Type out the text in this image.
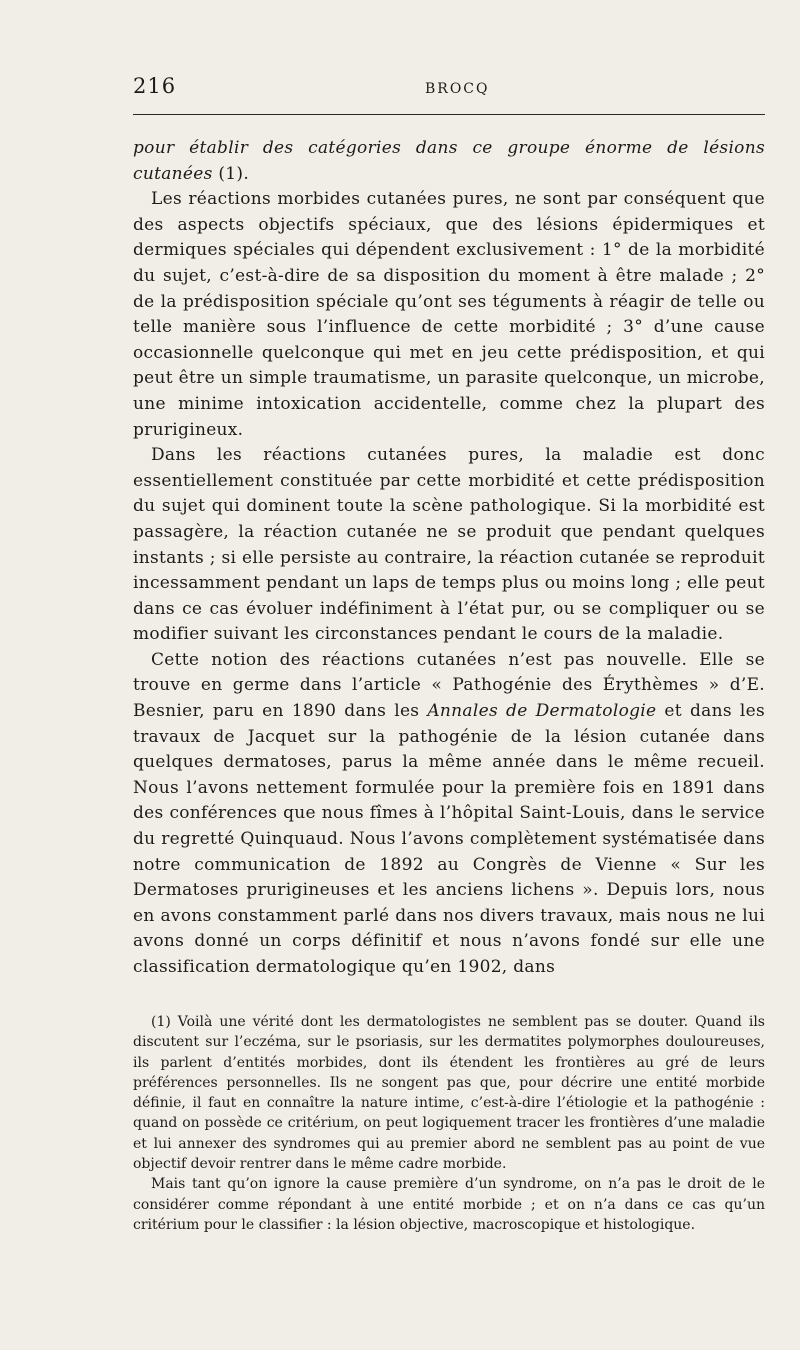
216	BROCQ

pour établir des catégories dans ce groupe énorme de lésions cutanées (1).

Les réactions morbides cutanées pures, ne sont par conséquent que des aspects objectifs spéciaux, que des lésions épidermiques et dermiques spéciales qui dépendent exclusivement : 1° de la morbidité du sujet, c’est-à-dire de sa disposition du moment à être malade ; 2° de la prédisposition spéciale qu’ont ses téguments à réagir de telle ou telle manière sous l’influence de cette morbidité ; 3° d’une cause occasionnelle quelconque qui met en jeu cette prédisposition, et qui peut être un simple traumatisme, un parasite quelconque, un microbe, une minime intoxication accidentelle, comme chez la plupart des prurigineux.

Dans les réactions cutanées pures, la maladie est donc essentiellement constituée par cette morbidité et cette prédisposition du sujet qui dominent toute la scène pathologique. Si la morbidité est passagère, la réaction cutanée ne se produit que pendant quelques instants ; si elle persiste au contraire, la réaction cutanée se reproduit incessamment pendant un laps de temps plus ou moins long ; elle peut dans ce cas évoluer indéfiniment à l’état pur, ou se compliquer ou se modifier suivant les circonstances pendant le cours de la maladie.

Cette notion des réactions cutanées n’est pas nouvelle. Elle se trouve en germe dans l’article « Pathogénie des Érythèmes » d’E. Besnier, paru en 1890 dans les Annales de Dermatologie et dans les travaux de Jacquet sur la pathogénie de la lésion cutanée dans quelques dermatoses, parus la même année dans le même recueil. Nous l’avons nettement formulée pour la première fois en 1891 dans des conférences que nous fîmes à l’hôpital Saint-Louis, dans le service du regretté Quinquaud. Nous l’avons complètement systématisée dans notre communication de 1892 au Congrès de Vienne « Sur les Dermatoses prurigineuses et les anciens lichens ». Depuis lors, nous en avons constamment parlé dans nos divers travaux, mais nous ne lui avons donné un corps définitif et nous n’avons fondé sur elle une classification dermatologique qu’en 1902, dans

(1) Voilà une vérité dont les dermatologistes ne semblent pas se douter. Quand ils discutent sur l’eczéma, sur le psoriasis, sur les dermatites polymorphes douloureuses, ils parlent d’entités morbides, dont ils étendent les frontières au gré de leurs préférences personnelles. Ils ne songent pas que, pour décrire une entité morbide définie, il faut en connaître la nature intime, c’est-à-dire l’étiologie et la pathogénie : quand on possède ce critérium, on peut logiquement tracer les frontières d’une maladie et lui annexer des syndromes qui au premier abord ne semblent pas au point de vue objectif devoir rentrer dans le même cadre morbide.

Mais tant qu’on ignore la cause première d’un syndrome, on n’a pas le droit de le considérer comme répondant à une entité morbide ; et on n’a dans ce cas qu’un critérium pour le classifier : la lésion objective, macroscopique et histologique.
